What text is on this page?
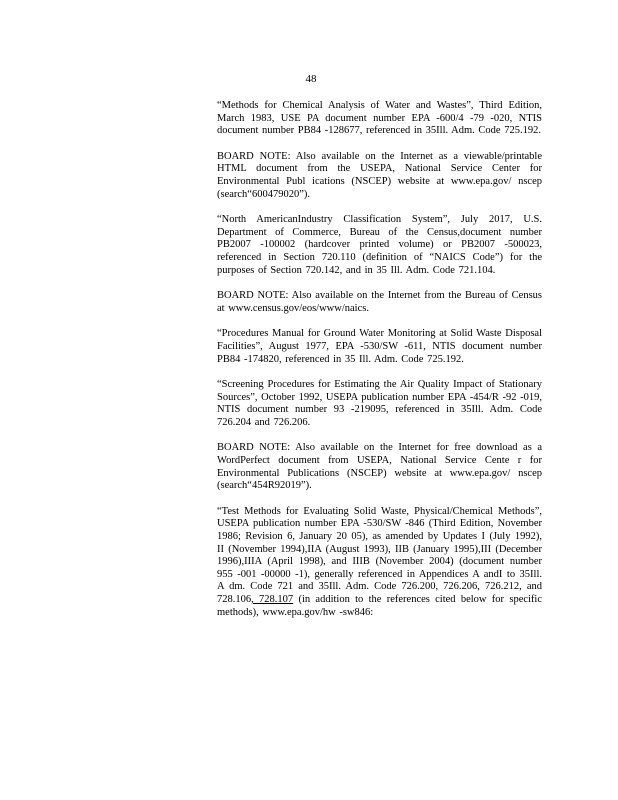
48

“Methods for Chemical Analysis of Water and Wastes”, Third Edition, March 1983, USE PA document number EPA -600/4 -79 -020, NTIS document number PB84 -128677, referenced in 35Ill. Adm. Code 725.192.

BOARD NOTE: Also available on the Internet as a viewable/printable HTML document from the USEPA, National Service Center for Environmental Publ ications (NSCEP) website at www.epa.gov/ nscep (search“600479020”).

“North AmericanIndustry Classification System”, July 2017, U.S. Department of Commerce, Bureau of the Census,document number PB2007 -100002 (hardcover printed volume) or PB2007 -500023, referenced in Section 720.110 (definition of “NAICS Code”) for the purposes of Section 720.142, and in 35 Ill. Adm. Code 721.104.

BOARD NOTE: Also available on the Internet from the Bureau of Census at www.census.gov/eos/www/naics.

“Procedures Manual for Ground Water Monitoring at Solid Waste Disposal Facilities”, August 1977, EPA -530/SW -611, NTIS document number PB84 -174820, referenced in 35 Ill. Adm. Code 725.192.

“Screening Procedures for Estimating the Air Quality Impact of Stationary Sources”, October 1992, USEPA publication number EPA -454/R -92 -019, NTIS document number 93 -219095, referenced in 35Ill. Adm. Code 726.204 and 726.206.

BOARD NOTE: Also available on the Internet for free download as a WordPerfect document from USEPA, National Service Cente r for Environmental Publications (NSCEP) website at www.epa.gov/ nscep (search“454R92019”).

“Test Methods for Evaluating Solid Waste, Physical/Chemical Methods”, USEPA publication number EPA -530/SW -846 (Third Edition, November 1986; Revision 6, January 20 05), as amended by Updates I (July 1992), II (November 1994),IIA (August 1993), IIB (January 1995),III (December 1996),IIIA (April 1998), and IIIB (November 2004) (document number 955 -001 -00000 -1), generally referenced in Appendices A andI to 35Ill. A dm. Code 721 and 35Ill. Adm. Code 726.200, 726.206, 726.212, and 728.106, 728.107 (in addition to the references cited below for specific methods), www.epa.gov/hw -sw846:
